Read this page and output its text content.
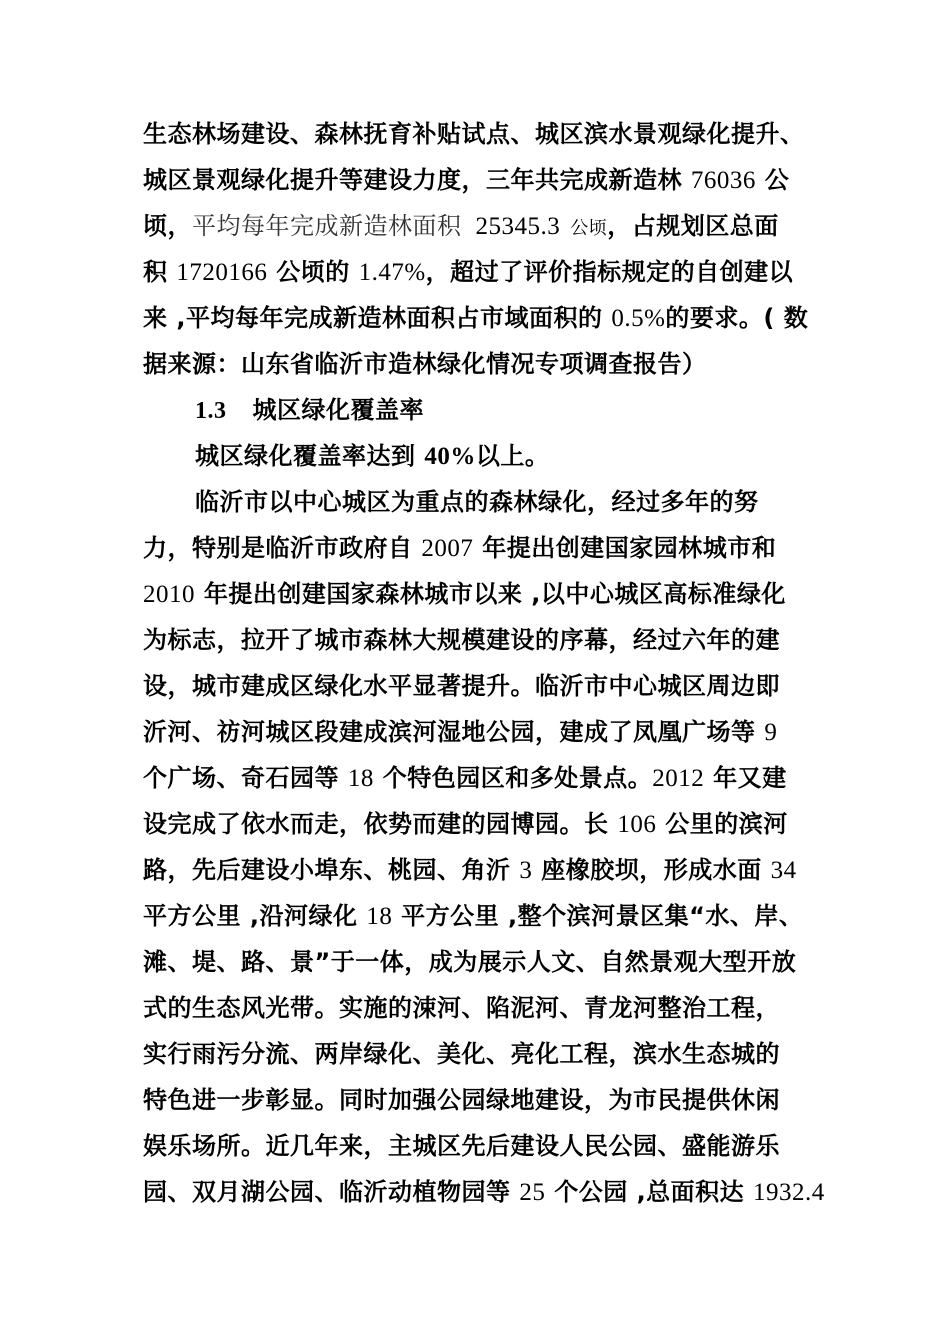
生态林场建设、森林抚育补贴试点、城区滨水景观绿化提升、
城区景观绿化提升等建设力度，三年共完成新造林 76036 公
顷，平均每年完成新造林面积 25345.3 公顷，占规划区总面
积 1720166 公顷的 1.47%，超过了评价指标规定的自创建以
来 ,平均每年完成新造林面积占市域面积的 0.5%的要求。( 数
据来源：山东省临沂市造林绿化情况专项调查报告）
1.3 城区绿化覆盖率
城区绿化覆盖率达到 40%以上。
临沂市以中心城区为重点的森林绿化，经过多年的努
力，特别是临沂市政府自 2007 年提出创建国家园林城市和
2010 年提出创建国家森林城市以来 ,以中心城区高标准绿化
为标志，拉开了城市森林大规模建设的序幕，经过六年的建
设，城市建成区绿化水平显著提升。临沂市中心城区周边即
沂河、祊河城区段建成滨河湿地公园，建成了凤凰广场等 9
个广场、奇石园等 18 个特色园区和多处景点。2012 年又建
设完成了依水而走，依势而建的园博园。长 106 公里的滨河
路，先后建设小埠东、桃园、角沂 3 座橡胶坝，形成水面 34
平方公里 ,沿河绿化 18 平方公里 ,整个滨河景区集“水、岸、
滩、堤、路、景”于一体，成为展示人文、自然景观大型开放
式的生态风光带。实施的涑河、陷泥河、青龙河整治工程，
实行雨污分流、两岸绿化、美化、亮化工程，滨水生态城的
特色进一步彰显。同时加强公园绿地建设，为市民提供休闲
娱乐场所。近几年来，主城区先后建设人民公园、盛能游乐
园、双月湖公园、临沂动植物园等 25 个公园 ,总面积达 1932.4
